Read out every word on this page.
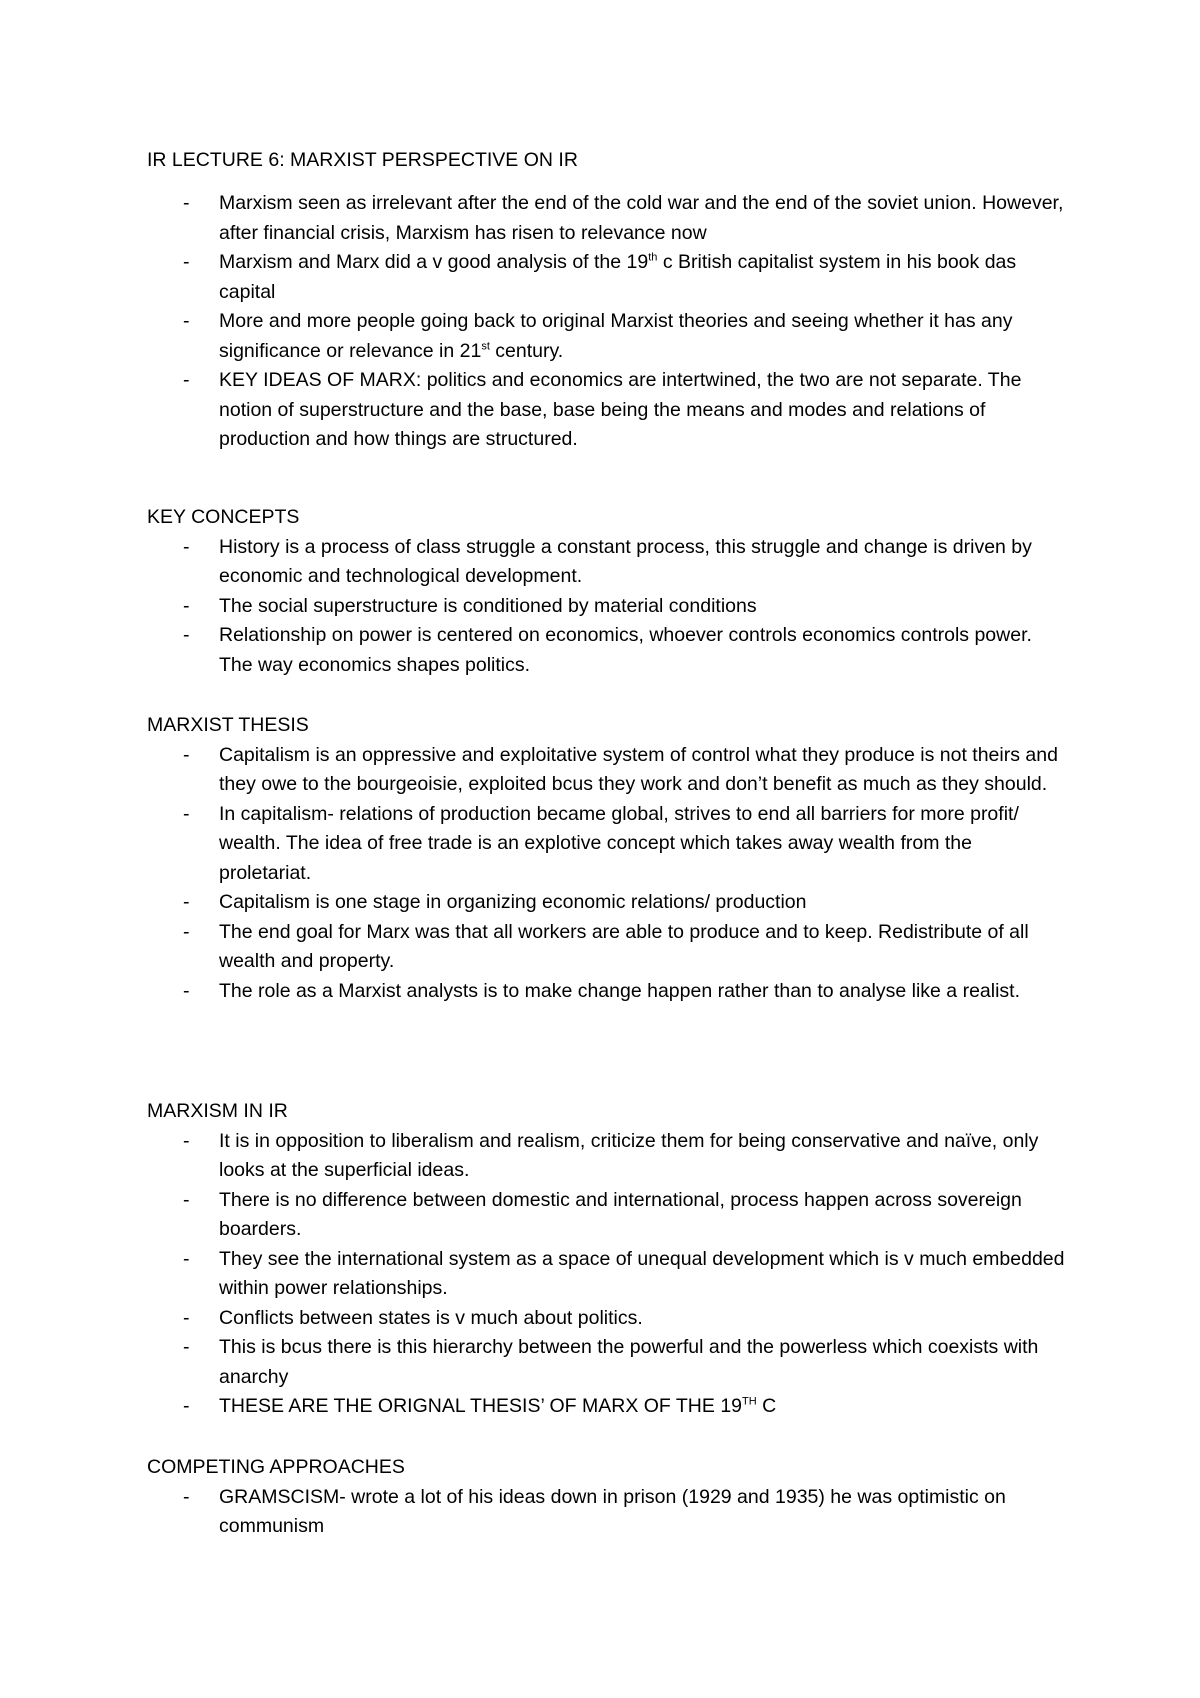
IR LECTURE 6: MARXIST PERSPECTIVE ON IR
- Marxism seen as irrelevant after the end of the cold war and the end of the soviet union. However, after financial crisis, Marxism has risen to relevance now
- Marxism and Marx did a v good analysis of the 19th c British capitalist system in his book das capital
- More and more people going back to original Marxist theories and seeing whether it has any significance or relevance in 21st century.
- KEY IDEAS OF MARX: politics and economics are intertwined, the two are not separate. The notion of superstructure and the base, base being the means and modes and relations of production and how things are structured.
KEY CONCEPTS
- History is a process of class struggle a constant process, this struggle and change is driven by economic and technological development.
- The social superstructure is conditioned by material conditions
- Relationship on power is centered on economics, whoever controls economics controls power. The way economics shapes politics.
MARXIST THESIS
- Capitalism is an oppressive and exploitative system of control what they produce is not theirs and they owe to the bourgeoisie, exploited bcus they work and don’t benefit as much as they should.
- In capitalism- relations of production became global, strives to end all barriers for more profit/ wealth. The idea of free trade is an explotive concept which takes away wealth from the proletariat.
- Capitalism is one stage in organizing economic relations/ production
- The end goal for Marx was that all workers are able to produce and to keep. Redistribute of all wealth and property.
- The role as a Marxist analysts is to make change happen rather than to analyse like a realist.
MARXISM IN IR
- It is in opposition to liberalism and realism, criticize them for being conservative and naïve, only looks at the superficial ideas.
- There is no difference between domestic and international, process happen across sovereign boarders.
- They see the international system as a space of unequal development which is v much embedded within power relationships.
- Conflicts between states is v much about politics.
- This is bcus there is this hierarchy between the powerful and the powerless which coexists with anarchy
- THESE ARE THE ORIGNAL THESIS’ OF MARX OF THE 19TH C
COMPETING APPROACHES
- GRAMSCISM- wrote a lot of his ideas down in prison (1929 and 1935) he was optimistic on communism
